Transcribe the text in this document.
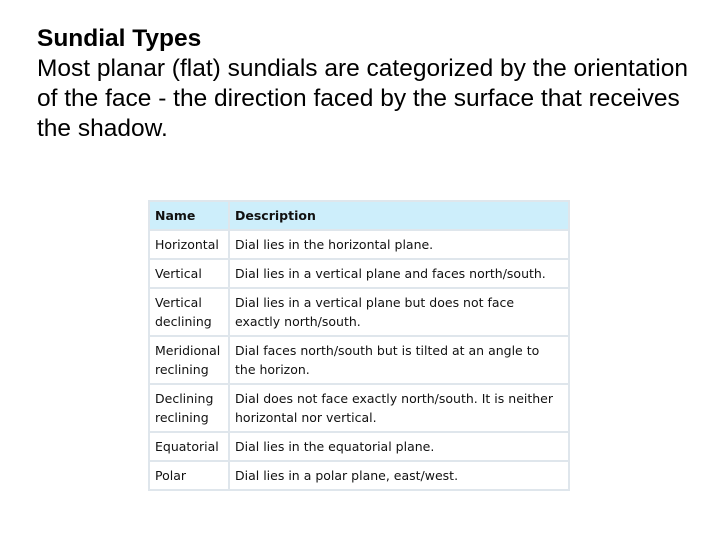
Sundial Types
Most planar (flat) sundials are categorized by the orientation of the face - the direction faced by the surface that receives the shadow.
Name	Description
Horizontal	Dial lies in the horizontal plane.
Vertical	Dial lies in a vertical plane and faces north/south.
Vertical declining	Dial lies in a vertical plane but does not face exactly north/south.
Meridional reclining	Dial faces north/south but is tilted at an angle to the horizon.
Declining reclining	Dial does not face exactly north/south. It is neither horizontal nor vertical.
Equatorial	Dial lies in the equatorial plane.
Polar	Dial lies in a polar plane, east/west.
